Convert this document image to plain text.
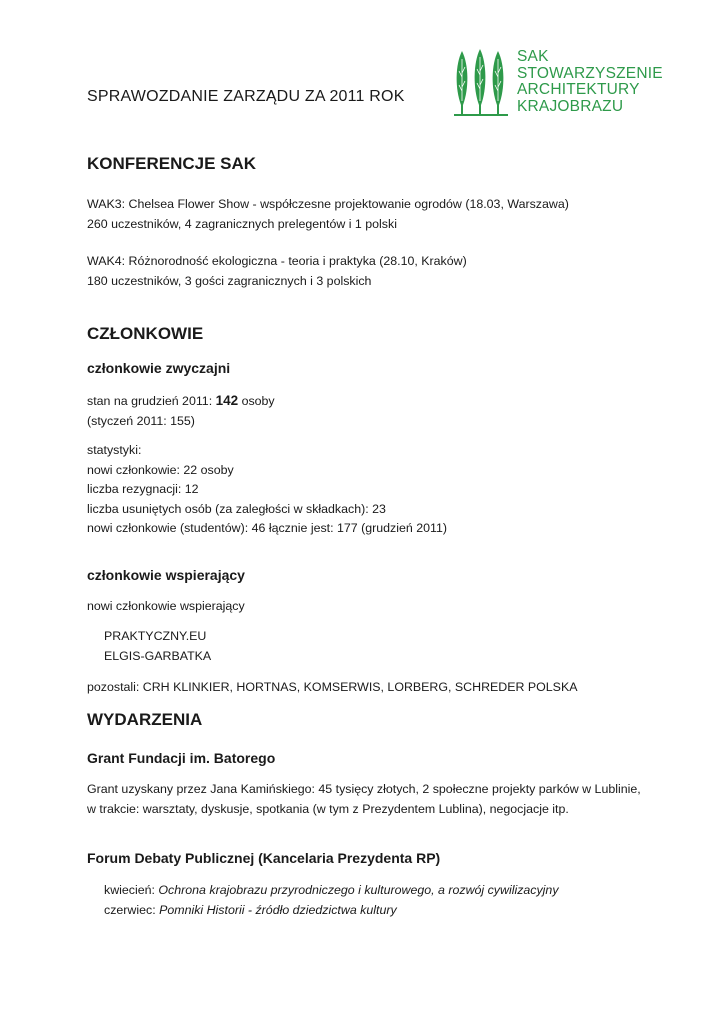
SPRAWOZDANIE ZARZĄDU ZA 2011 ROK
SAK
STOWARZYSZENIE
ARCHITEKTURY
KRAJOBRAZU
KONFERENCJE SAK
WAK3: Chelsea Flower Show - współczesne projektowanie ogrodów (18.03, Warszawa)
260 uczestników, 4 zagranicznych prelegentów i 1 polski
WAK4: Różnorodność ekologiczna - teoria i praktyka (28.10, Kraków)
180 uczestników, 3 gości zagranicznych i 3 polskich
CZŁONKOWIE
członkowie zwyczajni
stan na grudzień 2011: 142 osoby
(styczeń 2011: 155)
statystyki:
nowi członkowie: 22 osoby
liczba rezygnacji: 12
liczba usuniętych osób (za zaległości w składkach): 23
nowi członkowie (studentów): 46 łącznie jest: 177 (grudzień 2011)
członkowie wspierający
nowi członkowie wspierający
PRAKTYCZNY.EU
ELGIS-GARBATKA
pozostali: CRH KLINKIER, HORTNAS, KOMSERWIS, LORBERG, SCHREDER POLSKA
WYDARZENIA
Grant Fundacji im. Batorego
Grant uzyskany przez Jana Kamińskiego: 45 tysięcy złotych, 2 społeczne projekty parków w Lublinie,
w trakcie: warsztaty, dyskusje, spotkania (w tym z Prezydentem Lublina), negocjacje itp.
Forum Debaty Publicznej (Kancelaria Prezydenta RP)
kwiecień: Ochrona krajobrazu przyrodniczego i kulturowego, a rozwój cywilizacyjny
czerwiec: Pomniki Historii - źródło dziedzictwa kultury
